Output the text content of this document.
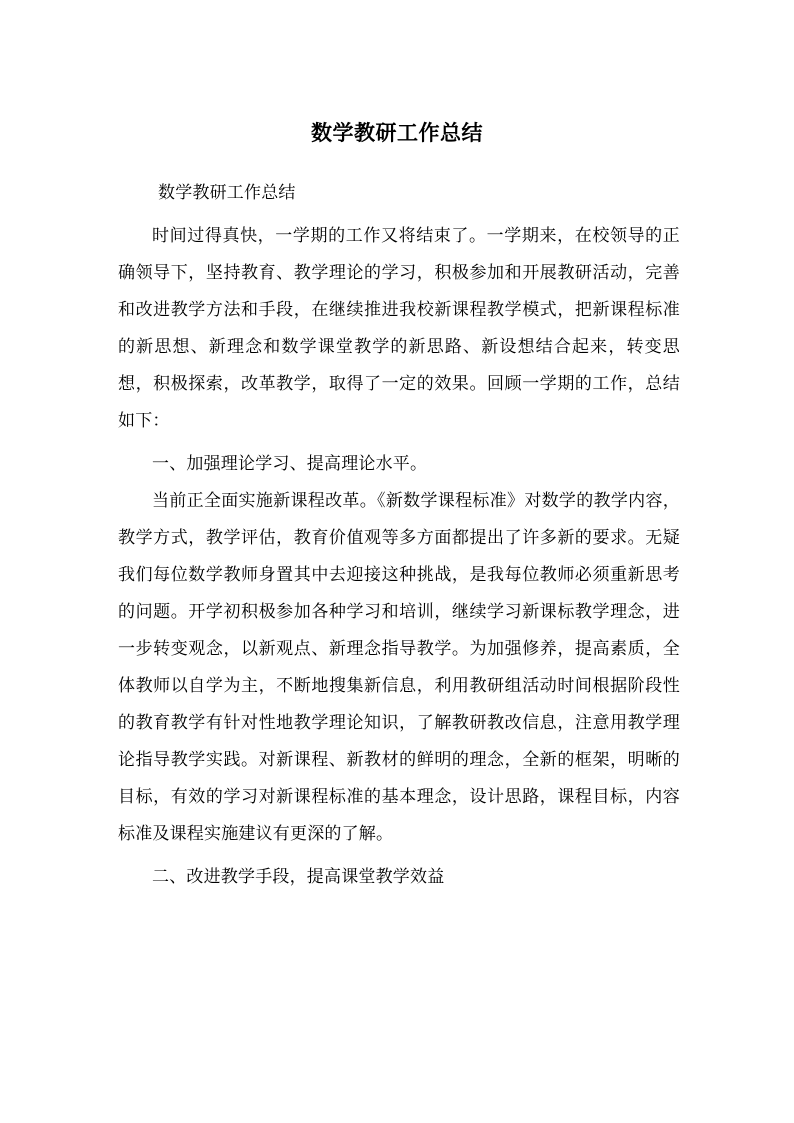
数学教研工作总结

数学教研工作总结

时间过得真快，一学期的工作又将结束了。一学期来，在校领导的正确领导下，坚持教育、教学理论的学习，积极参加和开展教研活动，完善和改进教学方法和手段，在继续推进我校新课程教学模式，把新课程标准的新思想、新理念和数学课堂教学的新思路、新设想结合起来，转变思想，积极探索，改革教学，取得了一定的效果。回顾一学期的工作，总结如下：

一、加强理论学习、提高理论水平。

当前正全面实施新课程改革。《新数学课程标准》对数学的教学内容，教学方式，教学评估，教育价值观等多方面都提出了许多新的要求。无疑我们每位数学教师身置其中去迎接这种挑战，是我每位教师必须重新思考的问题。开学初积极参加各种学习和培训，继续学习新课标教学理念，进一步转变观念，以新观点、新理念指导教学。为加强修养，提高素质，全体教师以自学为主，不断地搜集新信息，利用教研组活动时间根据阶段性的教育教学有针对性地教学理论知识，了解教研教改信息，注意用教学理论指导教学实践。对新课程、新教材的鲜明的理念，全新的框架，明晰的目标，有效的学习对新课程标准的基本理念，设计思路，课程目标，内容标准及课程实施建议有更深的了解。

二、改进教学手段，提高课堂教学效益
